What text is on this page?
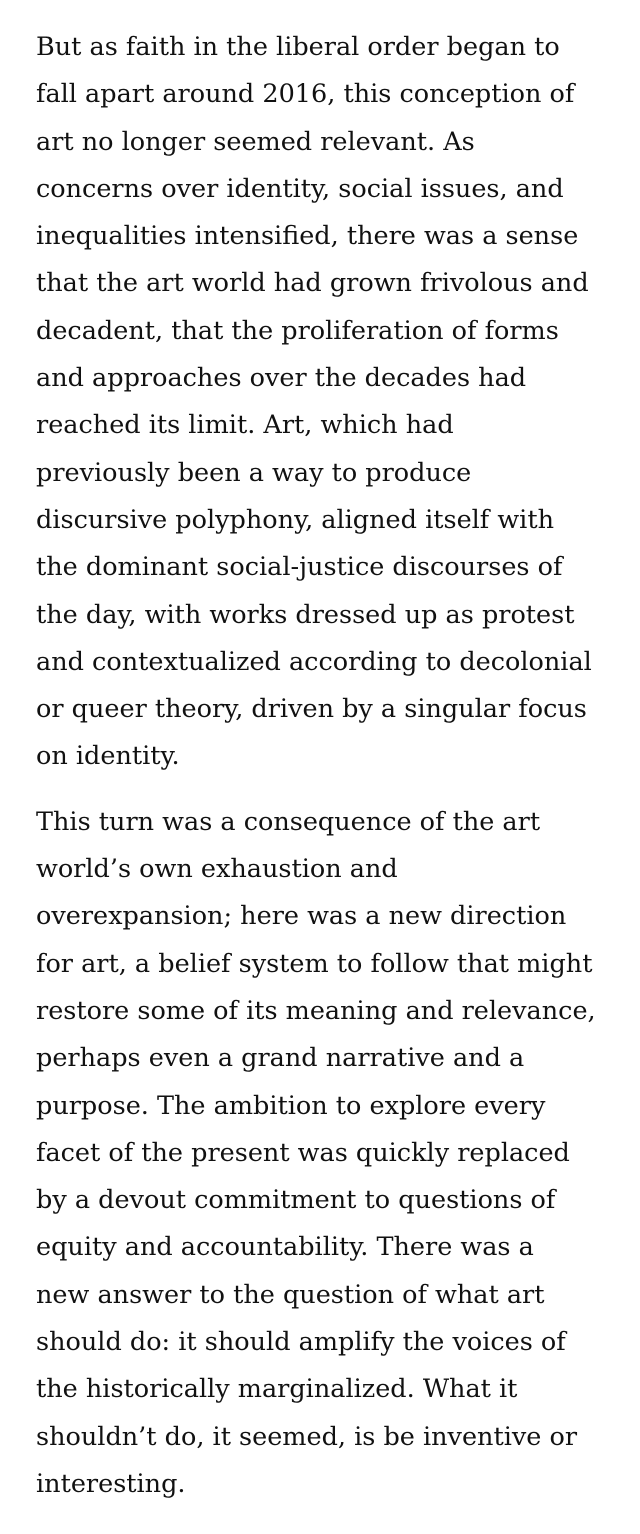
But as faith in the liberal order began to
fall apart around 2016, this conception of
art no longer seemed relevant. As
concerns over identity, social issues, and
inequalities intensified, there was a sense
that the art world had grown frivolous and
decadent, that the proliferation of forms
and approaches over the decades had
reached its limit. Art, which had
previously been a way to produce
discursive polyphony, aligned itself with
the dominant social-justice discourses of
the day, with works dressed up as protest
and contextualized according to decolonial
or queer theory, driven by a singular focus
on identity.

This turn was a consequence of the art
world’s own exhaustion and
overexpansion; here was a new direction
for art, a belief system to follow that might
restore some of its meaning and relevance,
perhaps even a grand narrative and a
purpose. The ambition to explore every
facet of the present was quickly replaced
by a devout commitment to questions of
equity and accountability. There was a
new answer to the question of what art
should do: it should amplify the voices of
the historically marginalized. What it
shouldn’t do, it seemed, is be inventive or
interesting.
